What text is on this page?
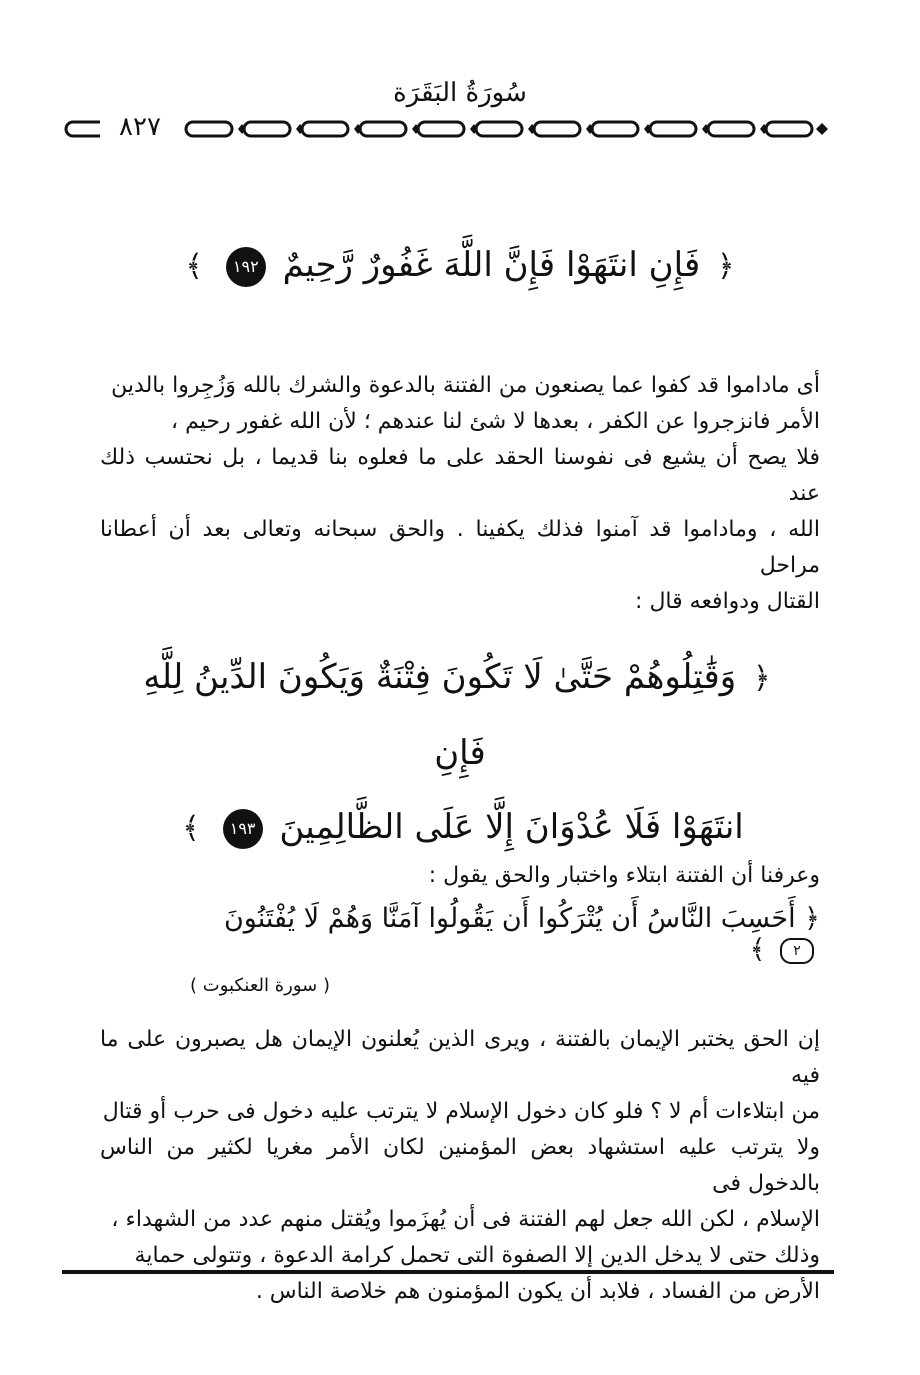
سُورَةُ البَقَرَة
٨٢٧
﴿ فَإِنِ انتَهَوْا فَإِنَّ اللَّهَ غَفُورٌ رَّحِيمٌ ١٩٢ ﴾

أى ماداموا قد كفوا عما يصنعون من الفتنة بالدعوة والشرك بالله وَزُجِروا بالدين

الأمر فانزجروا عن الكفر ، بعدها لا شئ لنا عندهم ؛ لأن الله غفور رحيم ،

فلا يصح أن يشيع فى نفوسنا الحقد على ما فعلوه بنا قديما ، بل نحتسب ذلك عند

الله ، وماداموا قد آمنوا فذلك يكفينا . والحق سبحانه وتعالى بعد أن أعطانا مراحل

القتال ودوافعه قال :

﴿ وَقَٰتِلُوهُمْ حَتَّىٰ لَا تَكُونَ فِتْنَةٌ وَيَكُونَ الدِّينُ لِلَّهِ فَإِنِ
انتَهَوْا فَلَا عُدْوَانَ إِلَّا عَلَى الظَّالِمِينَ ١٩٣ ﴾

وعرفنا أن الفتنة ابتلاء واختبار والحق يقول :

﴿ أَحَسِبَ النَّاسُ أَن يُتْرَكُوا أَن يَقُولُوا آمَنَّا وَهُمْ لَا يُفْتَنُونَ ٢ ﴾
( سورة العنكبوت )

إن الحق يختبر الإيمان بالفتنة ، ويرى الذين يُعلنون الإيمان هل يصبرون على ما فيه

من ابتلاءات أم لا ؟ فلو كان دخول الإسلام لا يترتب عليه دخول فى حرب أو قتال

ولا يترتب عليه استشهاد بعض المؤمنين لكان الأمر مغريا لكثير من الناس بالدخول فى

الإسلام ، لكن الله جعل لهم الفتنة فى أن يُهزَموا ويُقتل منهم عدد من الشهداء ،

وذلك حتى لا يدخل الدين إلا الصفوة التى تحمل كرامة الدعوة ، وتتولى حماية

الأرض من الفساد ، فلابد أن يكون المؤمنون هم خلاصة الناس .
